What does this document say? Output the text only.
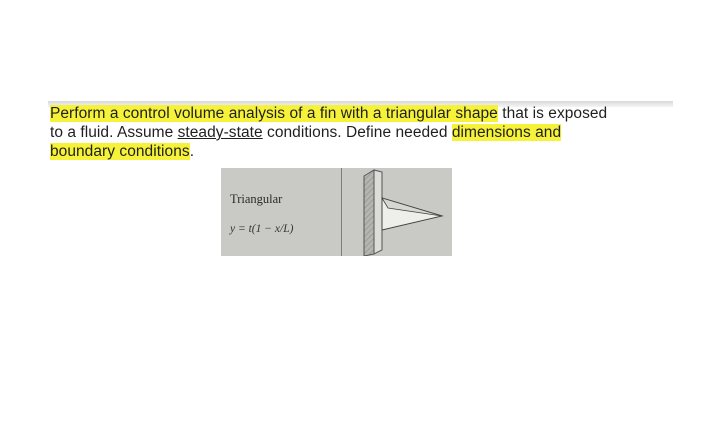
Perform a control volume analysis of a fin with a triangular shape that is exposed
to a fluid. Assume steady-state conditions. Define needed dimensions and
boundary conditions.
Triangular
y = t(1 − x/L)
